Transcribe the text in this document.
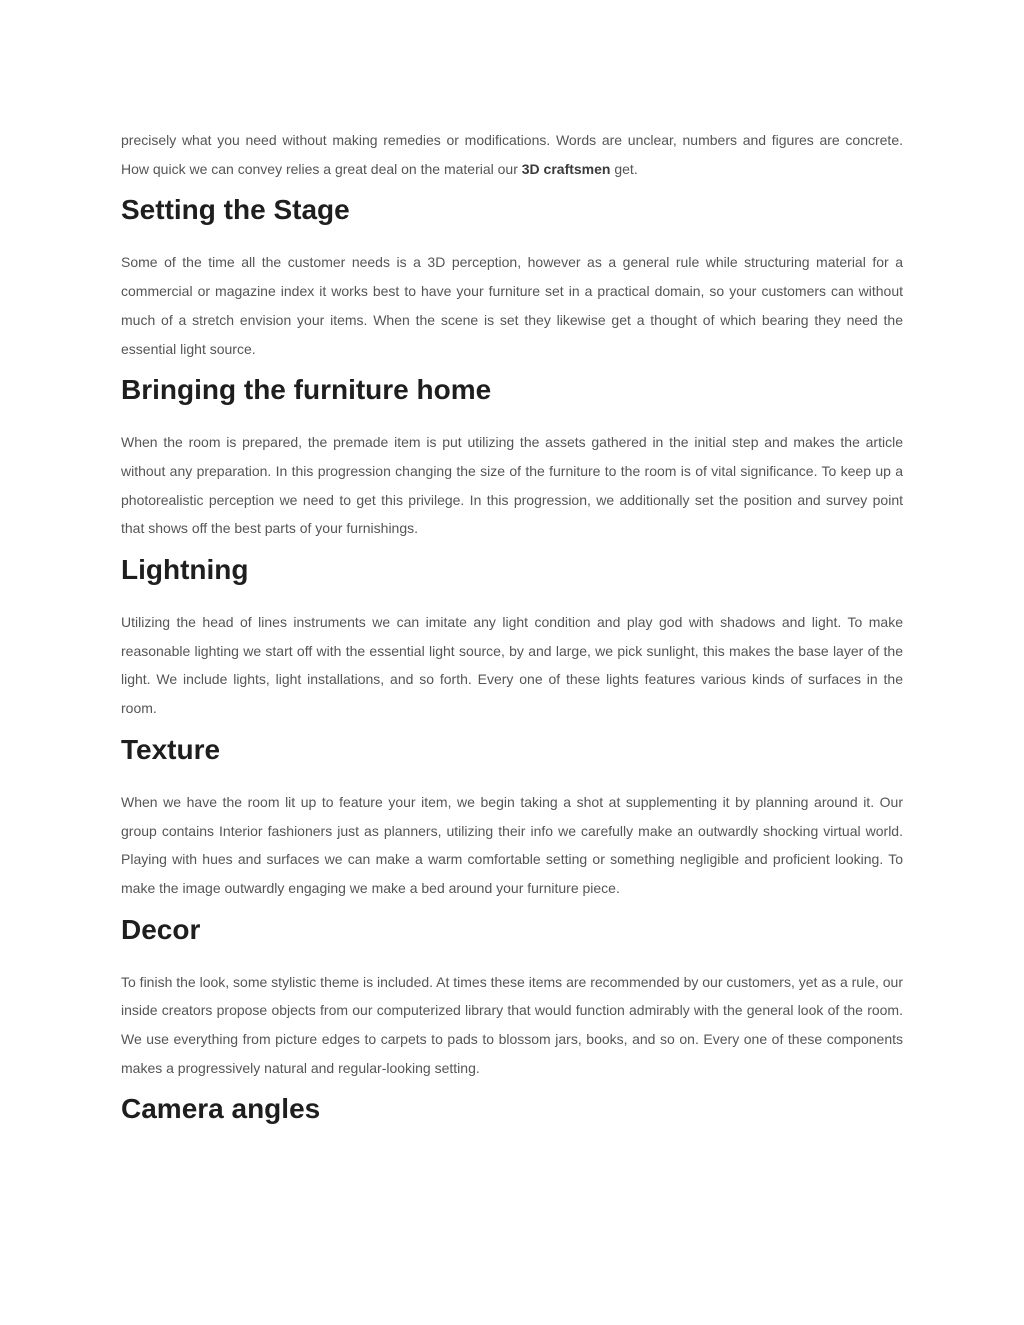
precisely what you need without making remedies or modifications. Words are unclear, numbers and figures are concrete. How quick we can convey relies a great deal on the material our 3D craftsmen get.

Setting the Stage

Some of the time all the customer needs is a 3D perception, however as a general rule while structuring material for a commercial or magazine index it works best to have your furniture set in a practical domain, so your customers can without much of a stretch envision your items. When the scene is set they likewise get a thought of which bearing they need the essential light source.

Bringing the furniture home

When the room is prepared, the premade item is put utilizing the assets gathered in the initial step and makes the article without any preparation. In this progression changing the size of the furniture to the room is of vital significance. To keep up a photorealistic perception we need to get this privilege. In this progression, we additionally set the position and survey point that shows off the best parts of your furnishings.

Lightning

Utilizing the head of lines instruments we can imitate any light condition and play god with shadows and light. To make reasonable lighting we start off with the essential light source, by and large, we pick sunlight, this makes the base layer of the light. We include lights, light installations, and so forth. Every one of these lights features various kinds of surfaces in the room.

Texture

When we have the room lit up to feature your item, we begin taking a shot at supplementing it by planning around it. Our group contains Interior fashioners just as planners, utilizing their info we carefully make an outwardly shocking virtual world. Playing with hues and surfaces we can make a warm comfortable setting or something negligible and proficient looking. To make the image outwardly engaging we make a bed around your furniture piece.

Decor

To finish the look, some stylistic theme is included. At times these items are recommended by our customers, yet as a rule, our inside creators propose objects from our computerized library that would function admirably with the general look of the room. We use everything from picture edges to carpets to pads to blossom jars, books, and so on. Every one of these components makes a progressively natural and regular-looking setting.

Camera angles
